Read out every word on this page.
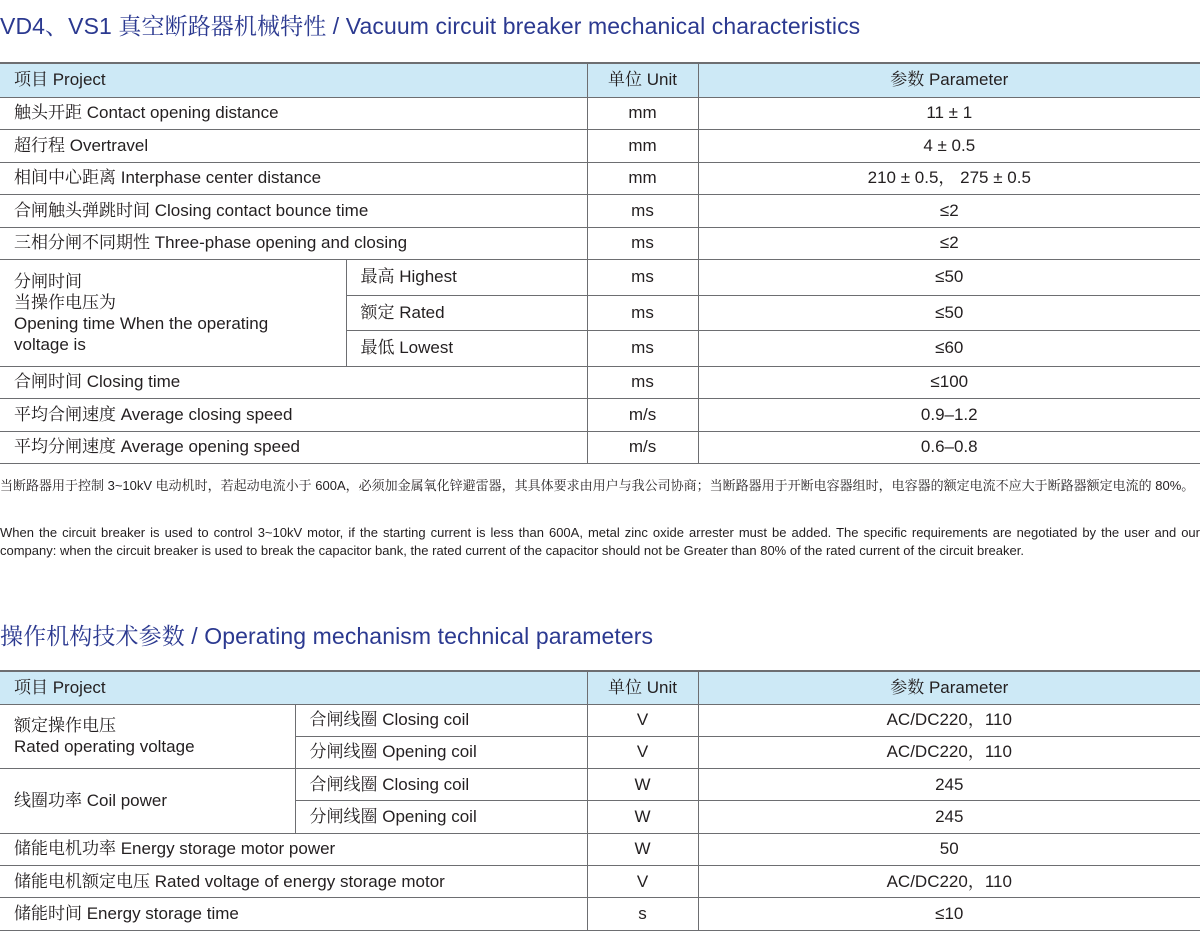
VD4、VS1 真空断路器机械特性 / Vacuum circuit breaker mechanical characteristics
项目 Project		单位 Unit	参数 Parameter
触头开距 Contact opening distance		mm	11 ± 1
超行程 Overtravel		mm	4 ± 0.5
相间中心距离 Interphase center distance		mm	210 ± 0.5， 275 ± 0.5
合闸触头弹跳时间 Closing contact bounce time		ms	≤2
三相分闸不同期性 Three-phase opening and closing		ms	≤2

分闸时间
当操作电压为
Opening time When the operating
voltage is	最高 Highest	ms	≤50
	额定 Rated	ms	≤50
	最低 Lowest	ms	≤60
合闸时间 Closing time		ms	≤100
平均合闸速度 Average closing speed		m/s	0.9–1.2
平均分闸速度 Average opening speed		m/s	0.6–0.8

当断路器用于控制 3~10kV 电动机时，若起动电流小于 600A，必须加金属氧化锌避雷器，其具体要求由用户与我公司协商；当断路器用于开断电容器组时，电容器的额定电流不应大于断路器额定电流的 80%。

When the circuit breaker is used to control 3~10kV motor, if the starting current is less than 600A, metal zinc oxide arrester must be added. The specific requirements are negotiated by the user and our company: when the circuit breaker is used to break the capacitor bank, the rated current of the capacitor should not be Greater than 80% of the rated current of the circuit breaker.

操作机构技术参数 / Operating mechanism technical parameters
项目 Project		单位 Unit	参数 Parameter

额定操作电压
Rated operating voltage	合闸线圈 Closing coil	V	AC/DC220，110
	分闸线圈 Opening coil	V	AC/DC220，110

线圈功率 Coil power	合闸线圈 Closing coil	W	245
	分闸线圈 Opening coil	W	245
储能电机功率 Energy storage motor power		W	50
储能电机额定电压 Rated voltage of energy storage motor		V	AC/DC220，110
储能时间 Energy storage time		s	≤10
